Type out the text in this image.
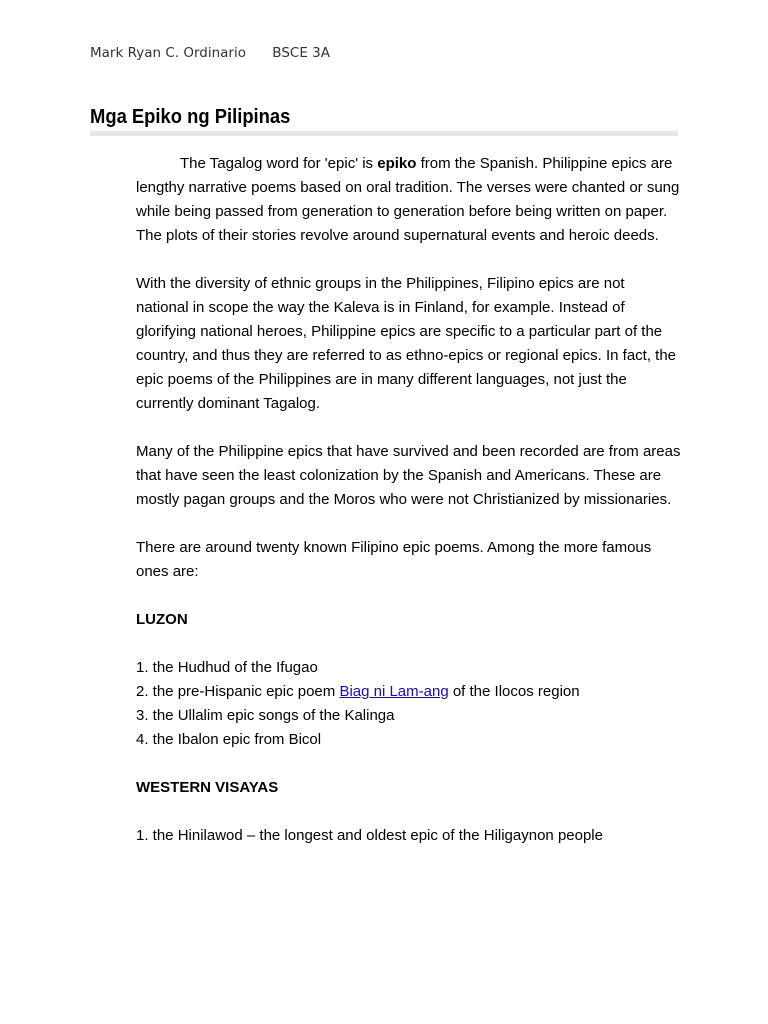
Mark Ryan C. Ordinario BSCE 3A
Mga Epiko ng Pilipinas

The Tagalog word for 'epic' is epiko from the Spanish. Philippine epics are lengthy narrative poems based on oral tradition. The verses were chanted or sung while being passed from generation to generation before being written on paper. The plots of their stories revolve around supernatural events and heroic deeds.

With the diversity of ethnic groups in the Philippines, Filipino epics are not national in scope the way the Kaleva is in Finland, for example. Instead of glorifying national heroes, Philippine epics are specific to a particular part of the country, and thus they are referred to as ethno-epics or regional epics. In fact, the epic poems of the Philippines are in many different languages, not just the currently dominant Tagalog.

Many of the Philippine epics that have survived and been recorded are from areas that have seen the least colonization by the Spanish and Americans. These are mostly pagan groups and the Moros who were not Christianized by missionaries.

There are around twenty known Filipino epic poems. Among the more famous ones are:

LUZON
1. the Hudhud of the Ifugao
2. the pre-Hispanic epic poem Biag ni Lam-ang of the Ilocos region
3. the Ullalim epic songs of the Kalinga
4. the Ibalon epic from Bicol
WESTERN VISAYAS
1. the Hinilawod – the longest and oldest epic of the Hiligaynon people
